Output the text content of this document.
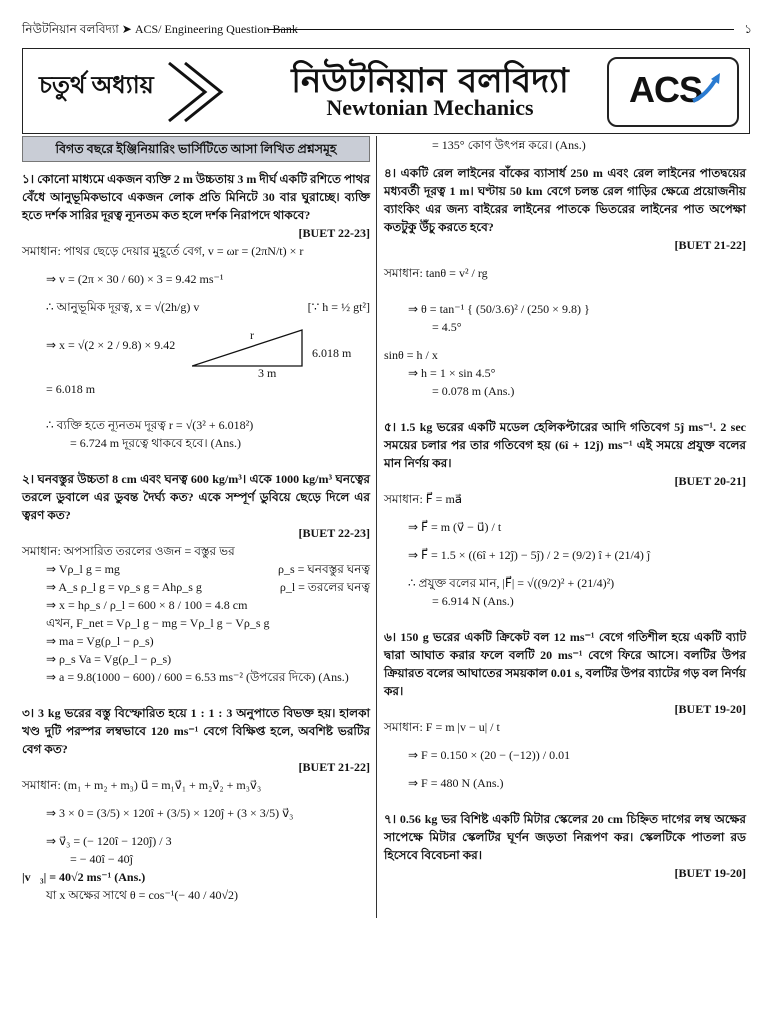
নিউটনিয়ান বলবিদ্যা ➤ ACS/ Engineering Question Bank	১
চতুর্থ অধ্যায়	নিউটনিয়ান বলবিদ্যা
Newtonian Mechanics	ACS
বিগত বছরে ইঞ্জিনিয়ারিং ভার্সিটিতে আসা লিখিত প্রশ্নসমূহ
১। কোনো মাধ্যমে একজন ব্যক্তি 2 m উচ্চতায় 3 m দীর্ঘ একটি রশিতে পাথর বেঁধে আনুভূমিকভাবে একজন লোক প্রতি মিনিটে 30 বার ঘুরাচ্ছে। ব্যক্তি হতে দর্শক সারির দূরত্ব ন্যূনতম কত হলে দর্শক নিরাপদে থাকবে?
[BUET 22-23]
সমাধান: পাথর ছেড়ে দেয়ার মুহূর্তে বেগ, v = ωr = (2πN/t) × r
⇒ v = (2π × 30 / 60) × 3 = 9.42 ms⁻¹
∴ আনুভূমিক দূরত্ব, x = √(2h/g) v	[∵ h = ½ gt²]
⇒ x = √(2 × 2 / 9.8) × 9.42
r
6.018 m
3 m
= 6.018 m
∴ ব্যক্তি হতে ন্যূনতম দূরত্ব r = √(3² + 6.018²)
= 6.724 m দূরত্বে থাকবে হবে। (Ans.)
২। ঘনবস্তুর উচ্চতা 8 cm এবং ঘনত্ব 600 kg/m³। একে 1000 kg/m³ ঘনত্বের তরলে ডুবালে এর ডুবন্ত দৈর্ঘ্য কত? একে সম্পূর্ণ ডুবিয়ে ছেড়ে দিলে এর ত্বরণ কত?
[BUET 22-23]
সমাধান: অপসারিত তরলের ওজন = বস্তুর ভর
⇒ Vρ_l g = mg	ρ_s = ঘনবস্তুর ঘনত্ব
⇒ A_s ρ_l g = vρ_s g = Ahρ_s g	ρ_l = তরলের ঘনত্ব
⇒ x = hρ_s / ρ_l = 600 × 8 / 100 = 4.8 cm
এখন, F_net = Vρ_l g − mg = Vρ_l g − Vρ_s g
⇒ ma = Vg(ρ_l − ρ_s)
⇒ ρ_s Va = Vg(ρ_l − ρ_s)
⇒ a = 9.8(1000 − 600) / 600 = 6.53 ms⁻² (উপরের দিকে) (Ans.)
৩। 3 kg ভরের বস্তু বিস্ফোরিত হয়ে 1 : 1 : 3 অনুপাতে বিভক্ত হয়। হালকা খণ্ড দুটি পরস্পর লম্বভাবে 120 ms⁻¹ বেগে বিক্ষিপ্ত হলে, অবশিষ্ট ভরটির বেগ কত?
[BUET 21-22]
সমাধান: (m₁ + m₂ + m₃) u⃗ = m₁v⃗₁ + m₂v⃗₂ + m₃v⃗₃
⇒ 3 × 0 = (3/5) × 120î + (3/5) × 120ĵ + (3 × 3/5) v⃗₃
⇒ v⃗₃ = (− 120î − 120ĵ) / 3
= − 40î − 40ĵ
|v⃗₃| = 40√2 ms⁻¹ (Ans.)
যা x অক্ষের সাথে θ = cos⁻¹(− 40 / 40√2)
= 135° কোণ উৎপন্ন করে। (Ans.)
৪। একটি রেল লাইনের বাঁকের ব্যাসার্ধ 250 m এবং রেল লাইনের পাতদ্বয়ের মধ্যবর্তী দূরত্ব 1 m। ঘণ্টায় 50 km বেগে চলন্ত রেল গাড়ির ক্ষেত্রে প্রয়োজনীয় ব্যাংকিং এর জন্য বাইরের লাইনের পাতকে ভিতরের লাইনের পাত অপেক্ষা কতটুকু উঁচু করতে হবে?
[BUET 21-22]
সমাধান: tanθ = v² / rg
⇒ θ = tan⁻¹ { (50/3.6)² / (250 × 9.8) }
= 4.5°
sinθ = h / x
⇒ h = 1 × sin 4.5°
= 0.078 m (Ans.)
৫। 1.5 kg ভরের একটি মডেল হেলিকপ্টারের আদি গতিবেগ 5ĵ ms⁻¹. 2 sec সময়ের চলার পর তার গতিবেগ হয় (6î + 12ĵ) ms⁻¹ এই সময়ে প্রযুক্ত বলের মান নির্ণয় কর।
[BUET 20-21]
সমাধান: F⃗ = ma⃗
⇒ F⃗ = m (v⃗ − u⃗) / t
⇒ F⃗ = 1.5 × ((6î + 12ĵ) − 5ĵ) / 2 = (9/2) î + (21/4) ĵ
∴ প্রযুক্ত বলের মান, |F⃗| = √((9/2)² + (21/4)²)
= 6.914 N (Ans.)
৬। 150 g ভরের একটি ক্রিকেট বল 12 ms⁻¹ বেগে গতিশীল হয়ে একটি ব্যাট দ্বারা আঘাত করার ফলে বলটি 20 ms⁻¹ বেগে ফিরে আসে। বলটির উপর ক্রিয়ারত বলের আঘাতের সময়কাল 0.01 s, বলটির উপর ব্যাটের গড় বল নির্ণয় কর।
[BUET 19-20]
সমাধান: F = m |v − u| / t
⇒ F = 0.150 × (20 − (−12)) / 0.01
⇒ F = 480 N (Ans.)
৭। 0.56 kg ভর বিশিষ্ট একটি মিটার স্কেলের 20 cm চিহ্নিত দাগের লম্ব অক্ষের সাপেক্ষে মিটার স্কেলটির ঘূর্ণন জড়তা নিরূপণ কর। স্কেলটিকে পাতলা রড হিসেবে বিবেচনা কর।
[BUET 19-20]
